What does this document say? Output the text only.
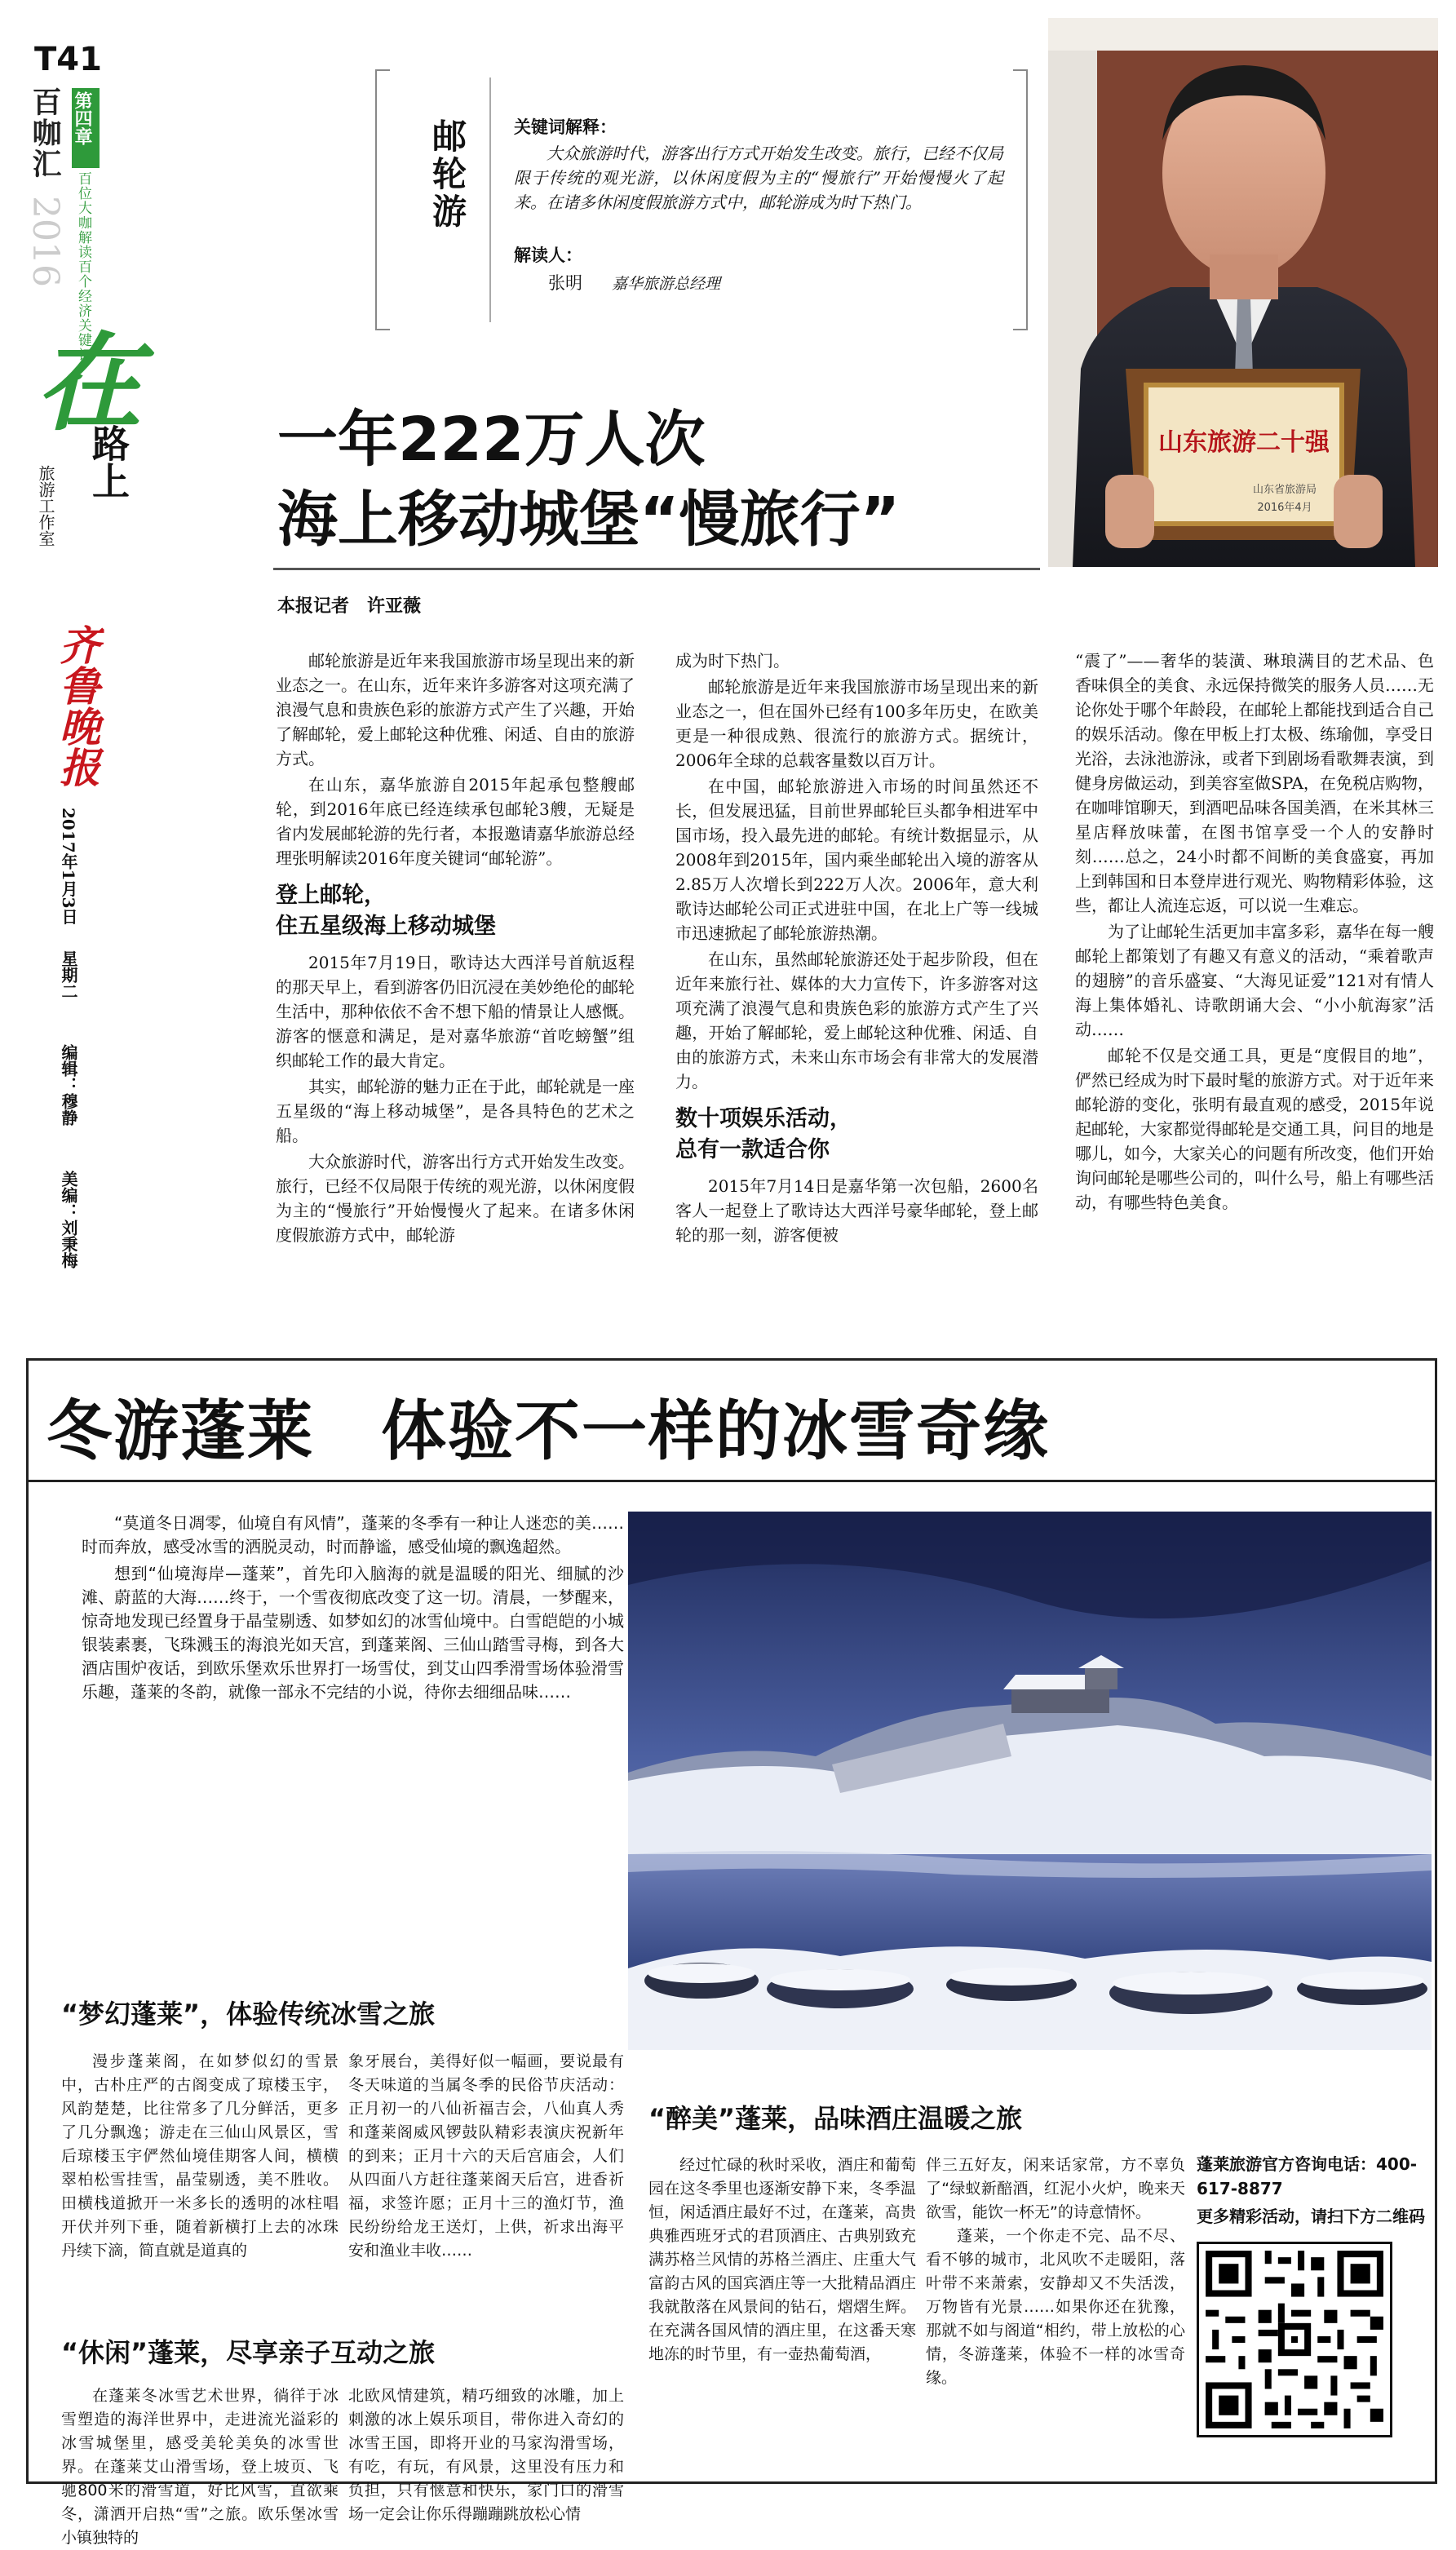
T41
百咖汇 第四章
百位大咖解读百个经济关键词
2016
在
路上
旅游工作室
齐鲁晚报
2017年1月3日
星期二
编辑：穆静
美编：刘秉梅
邮轮游	关键词解释：
大众旅游时代，游客出行方式开始发生改变。旅行，已经不仅局限于传统的观光游，以休闲度假为主的“慢旅行”开始慢慢火了起来。在诸多休闲度假旅游方式中，邮轮游成为时下热门。
解读人：
张明 嘉华旅游总经理
山东旅游二十强
山东省旅游局
2016年4月
一年222万人次
海上移动城堡“慢旅行”
本报记者　许亚薇

邮轮旅游是近年来我国旅游市场呈现出来的新业态之一。在山东，近年来许多游客对这项充满了浪漫气息和贵族色彩的旅游方式产生了兴趣，开始了解邮轮，爱上邮轮这种优雅、闲适、自由的旅游方式。

在山东，嘉华旅游自2015年起承包整艘邮轮，到2016年底已经连续承包邮轮3艘，无疑是省内发展邮轮游的先行者，本报邀请嘉华旅游总经理张明解读2016年度关键词“邮轮游”。

登上邮轮，
住五星级海上移动城堡

2015年7月19日，歌诗达大西洋号首航返程的那天早上，看到游客仍旧沉浸在美妙绝伦的邮轮生活中，那种依依不舍不想下船的情景让人感慨。游客的惬意和满足，是对嘉华旅游“首吃螃蟹”组织邮轮工作的最大肯定。

其实，邮轮游的魅力正在于此，邮轮就是一座五星级的“海上移动城堡”，是各具特色的艺术之船。

大众旅游时代，游客出行方式开始发生改变。旅行，已经不仅局限于传统的观光游，以休闲度假为主的“慢旅行”开始慢慢火了起来。在诸多休闲度假旅游方式中，邮轮游

成为时下热门。

邮轮旅游是近年来我国旅游市场呈现出来的新业态之一，但在国外已经有100多年历史，在欧美更是一种很成熟、很流行的旅游方式。据统计，2006年全球的总载客量数以百万计。

在中国，邮轮旅游进入市场的时间虽然还不长，但发展迅猛，目前世界邮轮巨头都争相进军中国市场，投入最先进的邮轮。有统计数据显示，从2008年到2015年，国内乘坐邮轮出入境的游客从2.85万人次增长到222万人次。2006年，意大利歌诗达邮轮公司正式进驻中国，在北上广等一线城市迅速掀起了邮轮旅游热潮。

在山东，虽然邮轮旅游还处于起步阶段，但在近年来旅行社、媒体的大力宣传下，许多游客对这项充满了浪漫气息和贵族色彩的旅游方式产生了兴趣，开始了解邮轮，爱上邮轮这种优雅、闲适、自由的旅游方式，未来山东市场会有非常大的发展潜力。

数十项娱乐活动，
总有一款适合你

2015年7月14日是嘉华第一次包船，2600名客人一起登上了歌诗达大西洋号豪华邮轮，登上邮轮的那一刻，游客便被

“震了”——奢华的装潢、琳琅满目的艺术品、色香味俱全的美食、永远保持微笑的服务人员……无论你处于哪个年龄段，在邮轮上都能找到适合自己的娱乐活动。像在甲板上打太极、练瑜伽，享受日光浴，去泳池游泳，或者下到剧场看歌舞表演，到健身房做运动，到美容室做SPA，在免税店购物，在咖啡馆聊天，到酒吧品味各国美酒，在米其林三星店释放味蕾，在图书馆享受一个人的安静时刻……总之，24小时都不间断的美食盛宴，再加上到韩国和日本登岸进行观光、购物精彩体验，这些，都让人流连忘返，可以说一生难忘。

为了让邮轮生活更加丰富多彩，嘉华在每一艘邮轮上都策划了有趣又有意义的活动，“乘着歌声的翅膀”的音乐盛宴、“大海见证爱”121对有情人海上集体婚礼、诗歌朗诵大会、“小小航海家”活动……

邮轮不仅是交通工具，更是“度假目的地”，俨然已经成为时下最时髦的旅游方式。对于近年来邮轮游的变化，张明有最直观的感受，2015年说起邮轮，大家都觉得邮轮是交通工具，问目的地是哪儿，如今，大家关心的问题有所改变，他们开始询问邮轮是哪些公司的，叫什么号，船上有哪些活动，有哪些特色美食。

冬游蓬莱　体验不一样的冰雪奇缘

“莫道冬日凋零，仙境自有风情”，蓬莱的冬季有一种让人迷恋的美……时而奔放，感受冰雪的洒脱灵动，时而静谧，感受仙境的飘逸超然。

想到“仙境海岸—蓬莱”，首先印入脑海的就是温暖的阳光、细腻的沙滩、蔚蓝的大海……终于，一个雪夜彻底改变了这一切。清晨，一梦醒来，惊奇地发现已经置身于晶莹剔透、如梦如幻的冰雪仙境中。白雪皑皑的小城银装素裹，飞珠溅玉的海浪光如天宫，到蓬莱阁、三仙山踏雪寻梅，到各大酒店围炉夜话，到欧乐堡欢乐世界打一场雪仗，到艾山四季滑雪场体验滑雪乐趣，蓬莱的冬韵，就像一部永不完结的小说，待你去细细品味……

“梦幻蓬莱”，体验传统冰雪之旅

漫步蓬莱阁，在如梦似幻的雪景中，古朴庄严的古阁变成了琼楼玉宇，风韵楚楚，比往常多了几分鲜活，更多了几分飘逸；游走在三仙山风景区，雪后琼楼玉宇俨然仙境佳期客人间，横横翠柏松雪挂雪，晶莹剔透，美不胜收。田横栈道掀开一米多长的透明的冰柱唱开伏并列下垂，随着新横打上去的冰珠丹续下滴，简直就是道真的

象牙展台，美得好似一幅画，要说最有冬天味道的当属冬季的民俗节庆活动：正月初一的八仙祈福吉会，八仙真人秀和蓬莱阁威风锣鼓队精彩表演庆祝新年的到来；正月十六的天后宫庙会，人们从四面八方赶往蓬莱阁天后宫，进香祈福，求签许愿；正月十三的渔灯节，渔民纷纷给龙王送灯，上供，祈求出海平安和渔业丰收……

“休闲”蓬莱，尽享亲子互动之旅

在蓬莱冬冰雪艺术世界，徜徉于冰雪塑造的海洋世界中，走进流光溢彩的冰雪城堡里，感受美轮美奂的冰雪世界。在蓬莱艾山滑雪场，登上坡页、飞驰800米的滑雪道，好比风雪，直欲乘冬，潇洒开启热“雪”之旅。欧乐堡冰雪小镇独特的

北欧风情建筑，精巧细致的冰雕，加上刺激的冰上娱乐项目，带你进入奇幻的冰雪王国，即将开业的马家沟滑雪场，有吃，有玩，有风景，这里没有压力和负担，只有惬意和快乐，家门口的滑雪场一定会让你乐得蹦蹦跳放松心情

“醉美”蓬莱，品味酒庄温暖之旅

经过忙碌的秋时采收，酒庄和葡萄园在这冬季里也逐渐安静下来，冬季温恒，闲适酒庄最好不过，在蓬莱，高贵典雅西班牙式的君顶酒庄、古典别致充满苏格兰风情的苏格兰酒庄、庄重大气富韵古风的国宾酒庄等一大批精品酒庄我就散落在风景间的钻石，熠熠生辉。在充满各国风情的酒庄里，在这番天寒地冻的时节里，有一壶热葡萄酒，

伴三五好友，闲来话家常，方不辜负了“绿蚁新醅酒，红泥小火炉，晚来天欲雪，能饮一杯无”的诗意情怀。

蓬莱，一个你走不完、品不尽、看不够的城市，北风吹不走暖阳，落叶带不来萧索，安静却又不失活泼，万物皆有光景……如果你还在犹豫，那就不如与阁道“相约，带上放松的心情，冬游蓬莱，体验不一样的冰雪奇缘。

蓬莱旅游官方咨询电话：400-617-8877
更多精彩活动，请扫下方二维码
